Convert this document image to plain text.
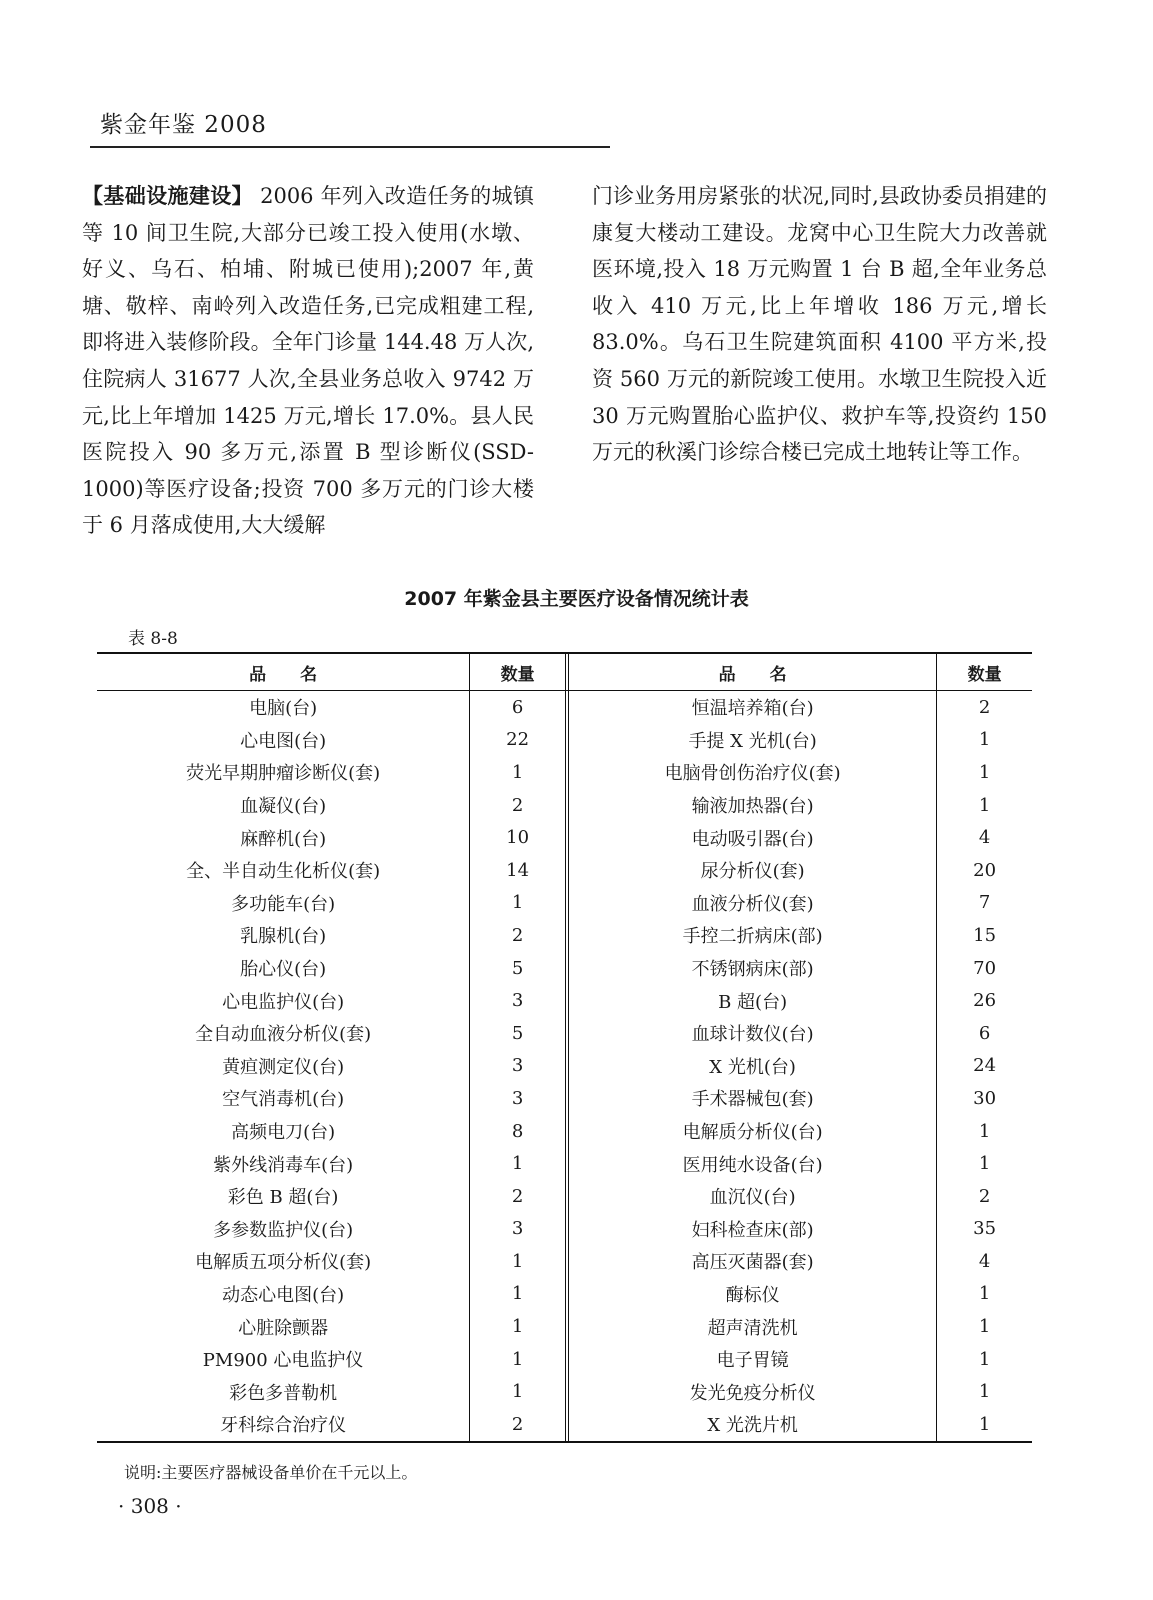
紫金年鉴 2008
【基础设施建设】 2006 年列入改造任务的城镇等 10 间卫生院,大部分已竣工投入使用(水墩、好义、乌石、柏埔、附城已使用);2007 年,黄塘、敬梓、南岭列入改造任务,已完成粗建工程,即将进入装修阶段。全年门诊量 144.48 万人次,住院病人 31677 人次,全县业务总收入 9742 万元,比上年增加 1425 万元,增长 17.0%。县人民医院投入 90 多万元,添置 B 型诊断仪(SSD-1000)等医疗设备;投资 700 多万元的门诊大楼于 6 月落成使用,大大缓解
门诊业务用房紧张的状况,同时,县政协委员捐建的康复大楼动工建设。龙窝中心卫生院大力改善就医环境,投入 18 万元购置 1 台 B 超,全年业务总收入 410 万元,比上年增收 186 万元,增长 83.0%。乌石卫生院建筑面积 4100 平方米,投资 560 万元的新院竣工使用。水墩卫生院投入近 30 万元购置胎心监护仪、救护车等,投资约 150 万元的秋溪门诊综合楼已完成土地转让等工作。
2007 年紫金县主要医疗设备情况统计表
表 8-8
品　　名	数量	品　　名	数量
电脑(台)	6	恒温培养箱(台)	2
心电图(台)	22	手提 X 光机(台)	1
荧光早期肿瘤诊断仪(套)	1	电脑骨创伤治疗仪(套)	1
血凝仪(台)	2	输液加热器(台)	1
麻醉机(台)	10	电动吸引器(台)	4
全、半自动生化析仪(套)	14	尿分析仪(套)	20
多功能车(台)	1	血液分析仪(套)	7
乳腺机(台)	2	手控二折病床(部)	15
胎心仪(台)	5	不锈钢病床(部)	70
心电监护仪(台)	3	B 超(台)	26
全自动血液分析仪(套)	5	血球计数仪(台)	6
黄疸测定仪(台)	3	X 光机(台)	24
空气消毒机(台)	3	手术器械包(套)	30
高频电刀(台)	8	电解质分析仪(台)	1
紫外线消毒车(台)	1	医用纯水设备(台)	1
彩色 B 超(台)	2	血沉仪(台)	2
多参数监护仪(台)	3	妇科检查床(部)	35
电解质五项分析仪(套)	1	高压灭菌器(套)	4
动态心电图(台)	1	酶标仪	1
心脏除颤器	1	超声清洗机	1
PM900 心电监护仪	1	电子胃镜	1
彩色多普勒机	1	发光免疫分析仪	1
牙科综合治疗仪	2	X 光洗片机	1
说明:主要医疗器械设备单价在千元以上。
· 308 ·
